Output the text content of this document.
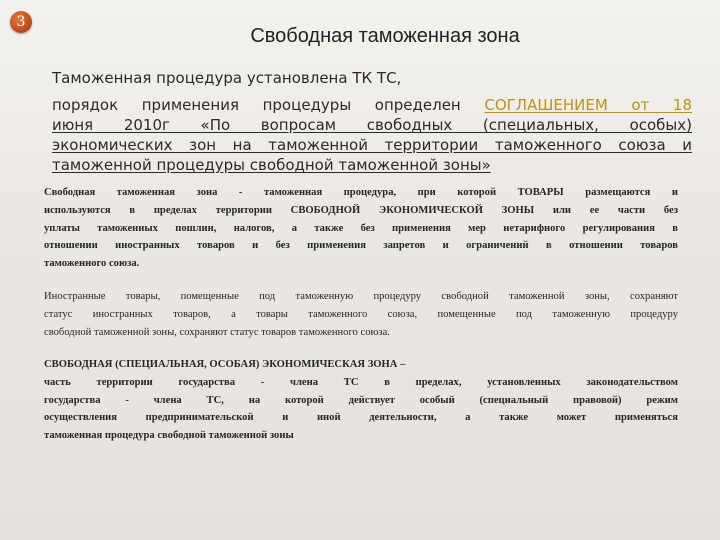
3
Свободная таможенная зона
Таможенная процедура установлена ТК ТС,
порядок применения процедуры определен СОГЛАШЕНИЕМ от 18
июня 2010г «По вопросам свободных (специальных, особых)
экономических зон на таможенной территории таможенного союза и
таможенной процедуры свободной таможенной зоны»

Свободная таможенная зона - таможенная процедура, при которой ТОВАРЫ размещаются и
используются в пределах территории СВОБОДНОЙ ЭКОНОМИЧЕСКОЙ ЗОНЫ или ее части без
уплаты таможенных пошлин, налогов, а также без применения мер нетарифного регулирования в
отношении иностранных товаров и без применения запретов и ограничений в отношении товаров
таможенного союза.

Иностранные товары, помещенные под таможенную процедуру свободной таможенной зоны, сохраняют
статус иностранных товаров, а товары таможенного союза, помещенные под таможенную процедуру
свободной таможенной зоны, сохраняют статус товаров таможенного союза.

СВОБОДНАЯ (СПЕЦИАЛЬНАЯ, ОСОБАЯ) ЭКОНОМИЧЕСКАЯ ЗОНА –
часть территории государства - члена ТС в пределах, установленных законодательством
государства - члена ТС, на которой действует особый (специальный правовой) режим
осуществления предпринимательской и иной деятельности, а также может применяться
таможенная процедура свободной таможенной зоны
